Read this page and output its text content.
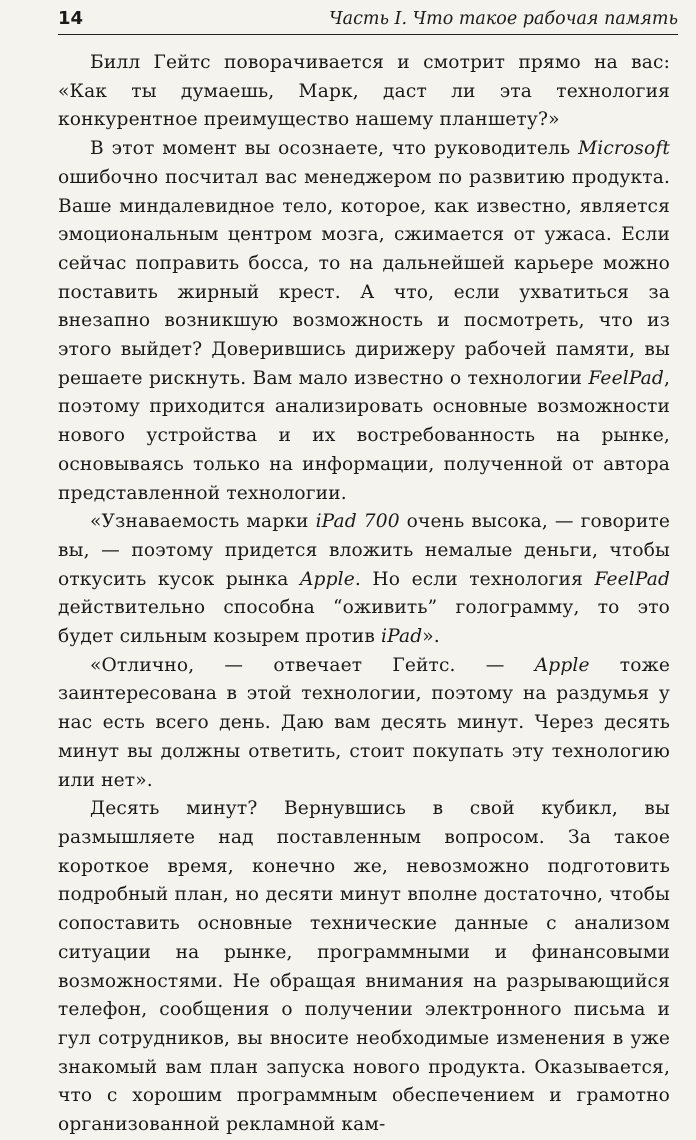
14	Часть I. Что такое рабочая память

Билл Гейтс поворачивается и смотрит прямо на вас: «Как ты думаешь, Марк, даст ли эта технология конкурентное преимущество нашему планшету?»

В этот момент вы осознаете, что руководитель Microsoft ошибочно посчитал вас менеджером по развитию продукта. Ваше миндалевидное тело, которое, как известно, является эмоциональным центром мозга, сжимается от ужаса. Если сейчас поправить босса, то на дальнейшей карьере можно поставить жирный крест. А что, если ухватиться за внезапно возникшую возможность и посмотреть, что из этого выйдет? Доверившись дирижеру рабочей памяти, вы решаете рискнуть. Вам мало известно о технологии FeelPad, поэтому приходится анализировать основные возможности нового устройства и их востребованность на рынке, основываясь только на информации, полученной от автора представленной технологии.

«Узнаваемость марки iPad 700 очень высока, — говорите вы, — поэтому придется вложить немалые деньги, чтобы откусить кусок рынка Apple. Но если технология FeelPad действительно способна “оживить” голограмму, то это будет сильным козырем против iPad».

«Отлично, — отвечает Гейтс. — Apple тоже заинтересована в этой технологии, поэтому на раздумья у нас есть всего день. Даю вам десять минут. Через десять минут вы должны ответить, стоит покупать эту технологию или нет».

Десять минут? Вернувшись в свой кубикл, вы размышляете над поставленным вопросом. За такое короткое время, конечно же, невозможно подготовить подробный план, но десяти минут вполне достаточно, чтобы сопоставить основные технические данные с анализом ситуации на рынке, программными и финансовыми возможностями. Не обращая внимания на разрывающийся телефон, сообщения о получении электронного письма и гул сотрудников, вы вносите необходимые изменения в уже знакомый вам план запуска нового продукта. Оказывается, что с хорошим программным обеспечением и грамотно организованной рекламной кам-
